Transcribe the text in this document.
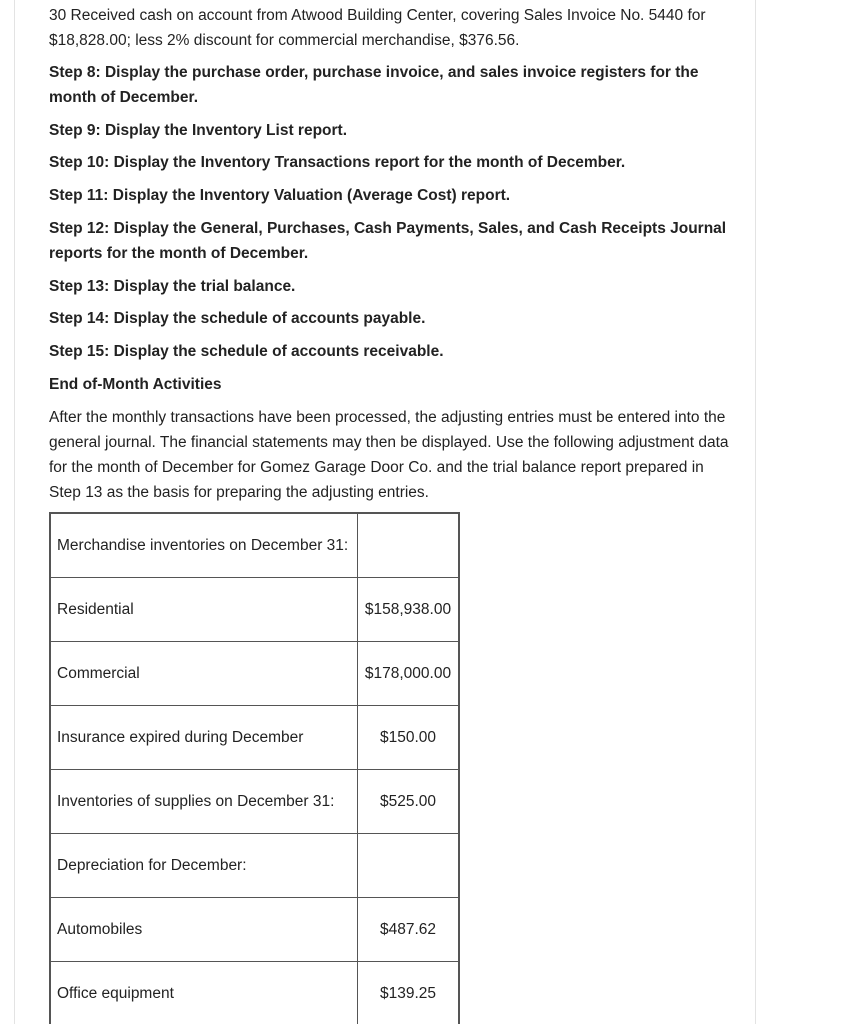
30 Received cash on account from Atwood Building Center, covering Sales Invoice No. 5440 for $18,828.00; less 2% discount for commercial merchandise, $376.56.

Step 8: Display the purchase order, purchase invoice, and sales invoice registers for the month of December.

Step 9: Display the Inventory List report.

Step 10: Display the Inventory Transactions report for the month of December.

Step 11: Display the Inventory Valuation (Average Cost) report.

Step 12: Display the General, Purchases, Cash Payments, Sales, and Cash Receipts Journal reports for the month of December.

Step 13: Display the trial balance.

Step 14: Display the schedule of accounts payable.

Step 15: Display the schedule of accounts receivable.

End of-Month Activities

After the monthly transactions have been processed, the adjusting entries must be entered into the general journal. The financial statements may then be displayed. Use the following adjustment data for the month of December for Gomez Garage Door Co. and the trial balance report prepared in Step 13 as the basis for preparing the adjusting entries.

Merchandise inventories on December 31:	
Residential	$158,938.00
Commercial	$178,000.00
Insurance expired during December	$150.00
Inventories of supplies on December 31:	$525.00
Depreciation for December:	
Automobiles	$487.62
Office equipment	$139.25
